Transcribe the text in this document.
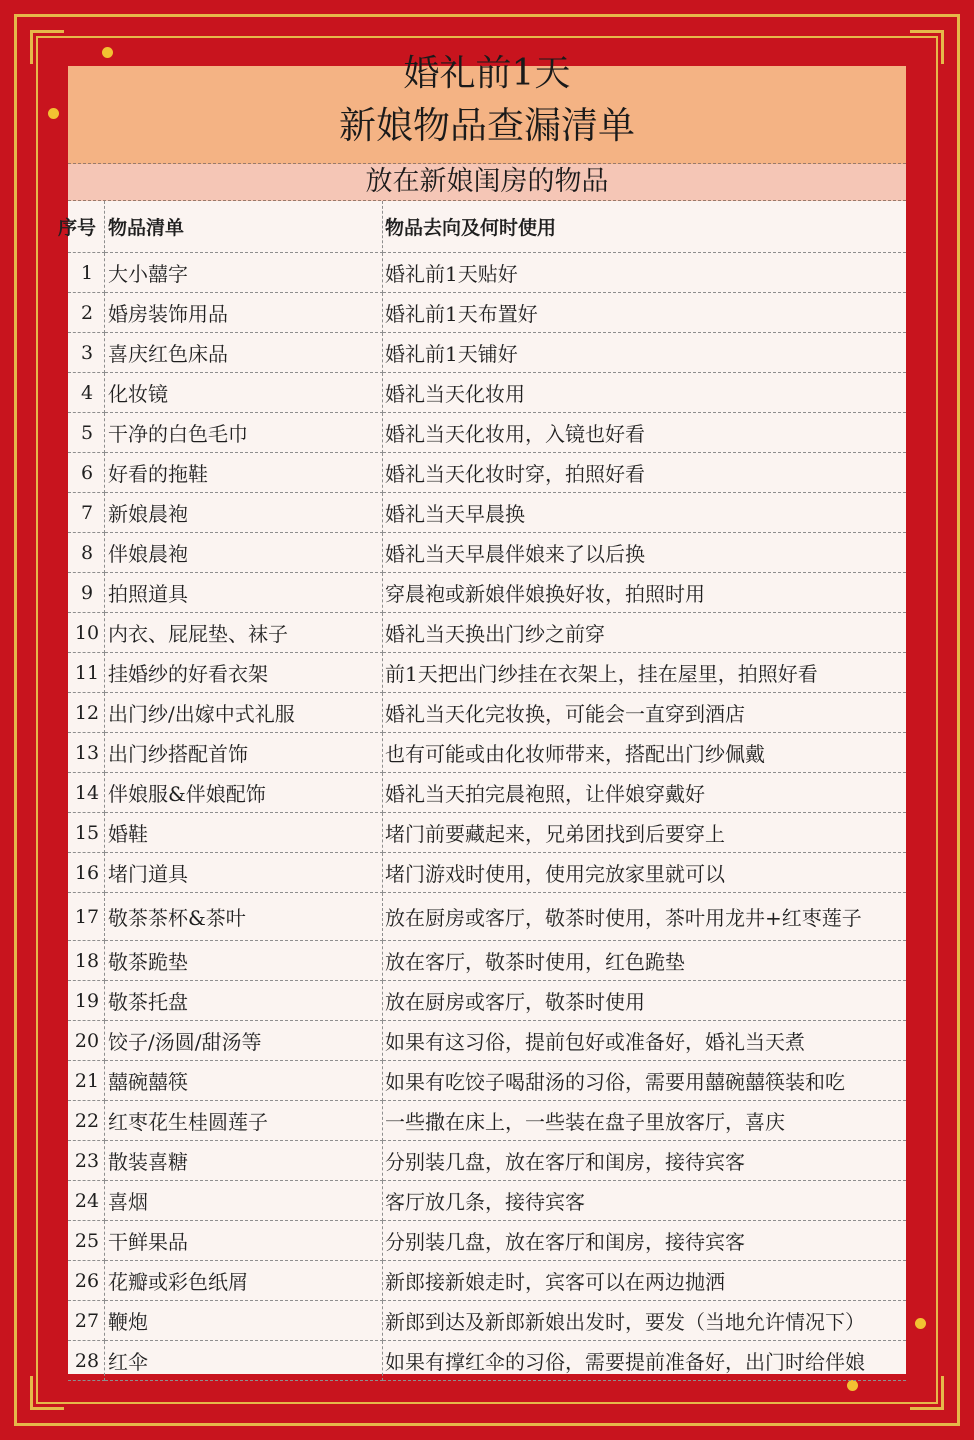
婚礼前1天
新娘物品查漏清单
放在新娘闺房的物品
序号	物品清单	物品去向及何时使用
1	大小囍字	婚礼前1天贴好
2	婚房装饰用品	婚礼前1天布置好
3	喜庆红色床品	婚礼前1天铺好
4	化妆镜	婚礼当天化妆用
5	干净的白色毛巾	婚礼当天化妆用，入镜也好看
6	好看的拖鞋	婚礼当天化妆时穿，拍照好看
7	新娘晨袍	婚礼当天早晨换
8	伴娘晨袍	婚礼当天早晨伴娘来了以后换
9	拍照道具	穿晨袍或新娘伴娘换好妆，拍照时用
10	内衣、屁屁垫、袜子	婚礼当天换出门纱之前穿
11	挂婚纱的好看衣架	前1天把出门纱挂在衣架上，挂在屋里，拍照好看
12	出门纱/出嫁中式礼服	婚礼当天化完妆换，可能会一直穿到酒店
13	出门纱搭配首饰	也有可能或由化妆师带来，搭配出门纱佩戴
14	伴娘服&伴娘配饰	婚礼当天拍完晨袍照，让伴娘穿戴好
15	婚鞋	堵门前要藏起来，兄弟团找到后要穿上
16	堵门道具	堵门游戏时使用，使用完放家里就可以
17	敬茶茶杯&茶叶	放在厨房或客厅，敬茶时使用，茶叶用龙井+红枣莲子
18	敬茶跪垫	放在客厅，敬茶时使用，红色跪垫
19	敬茶托盘	放在厨房或客厅，敬茶时使用
20	饺子/汤圆/甜汤等	如果有这习俗，提前包好或准备好，婚礼当天煮
21	囍碗囍筷	如果有吃饺子喝甜汤的习俗，需要用囍碗囍筷装和吃
22	红枣花生桂圆莲子	一些撒在床上，一些装在盘子里放客厅，喜庆
23	散装喜糖	分别装几盘，放在客厅和闺房，接待宾客
24	喜烟	客厅放几条，接待宾客
25	干鲜果品	分别装几盘，放在客厅和闺房，接待宾客
26	花瓣或彩色纸屑	新郎接新娘走时，宾客可以在两边抛洒
27	鞭炮	新郎到达及新郎新娘出发时，要发（当地允许情况下）
28	红伞	如果有撑红伞的习俗，需要提前准备好，出门时给伴娘
